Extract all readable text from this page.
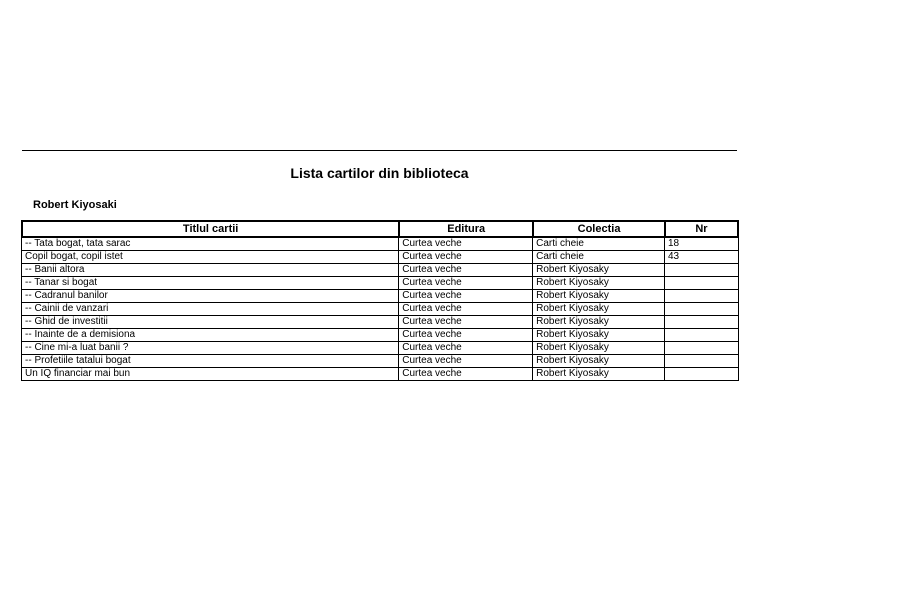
Lista cartilor din biblioteca
Robert Kiyosaki
Titlul cartii	Editura	Colectia	Nr
-- Tata bogat, tata sarac	Curtea veche	Carti cheie	18
Copil bogat, copil istet	Curtea veche	Carti cheie	43
-- Banii altora	Curtea veche	Robert Kiyosaky	
-- Tanar si bogat	Curtea veche	Robert Kiyosaky	
-- Cadranul banilor	Curtea veche	Robert Kiyosaky	
-- Cainii de vanzari	Curtea veche	Robert Kiyosaky	
-- Ghid de investitii	Curtea veche	Robert Kiyosaky	
-- Inainte de a demisiona	Curtea veche	Robert Kiyosaky	
-- Cine mi-a luat banii ?	Curtea veche	Robert Kiyosaky	
-- Profetiile tatalui bogat	Curtea veche	Robert Kiyosaky	
Un IQ financiar mai bun	Curtea veche	Robert Kiyosaky	
